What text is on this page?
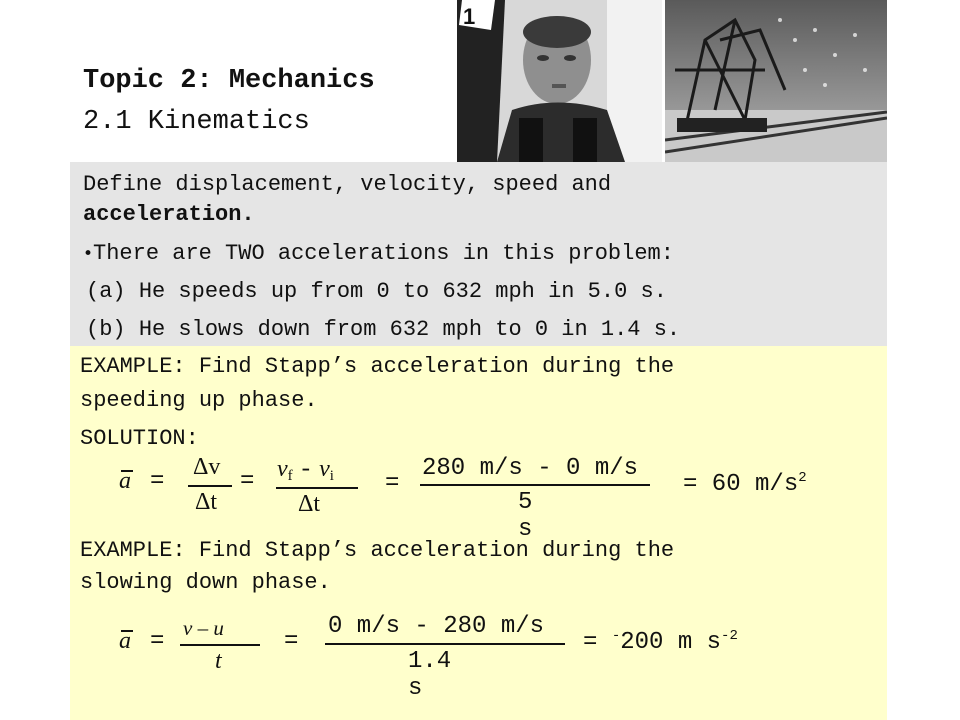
Topic 2: Mechanics
2.1 Kinematics
1
Define displacement, velocity, speed and
acceleration.
•There are TWO accelerations in this problem:
(a) He speeds up from 0 to 632 mph in 5.0 s.
(b) He slows down from 632 mph to 0 in 1.4 s.
EXAMPLE: Find Stapp’s acceleration during the
speeding up phase.
SOLUTION:
a =
Δv
Δt
= vf - vi
Δt
=
280 m/s - 0 m/s
5 s
= 60 $m/s^2$
EXAMPLE: Find Stapp’s acceleration during the
slowing down phase.
a = v – u
t
=
0 m/s - 280 m/s
1.4 s
= -200 m $s^{-2}$
